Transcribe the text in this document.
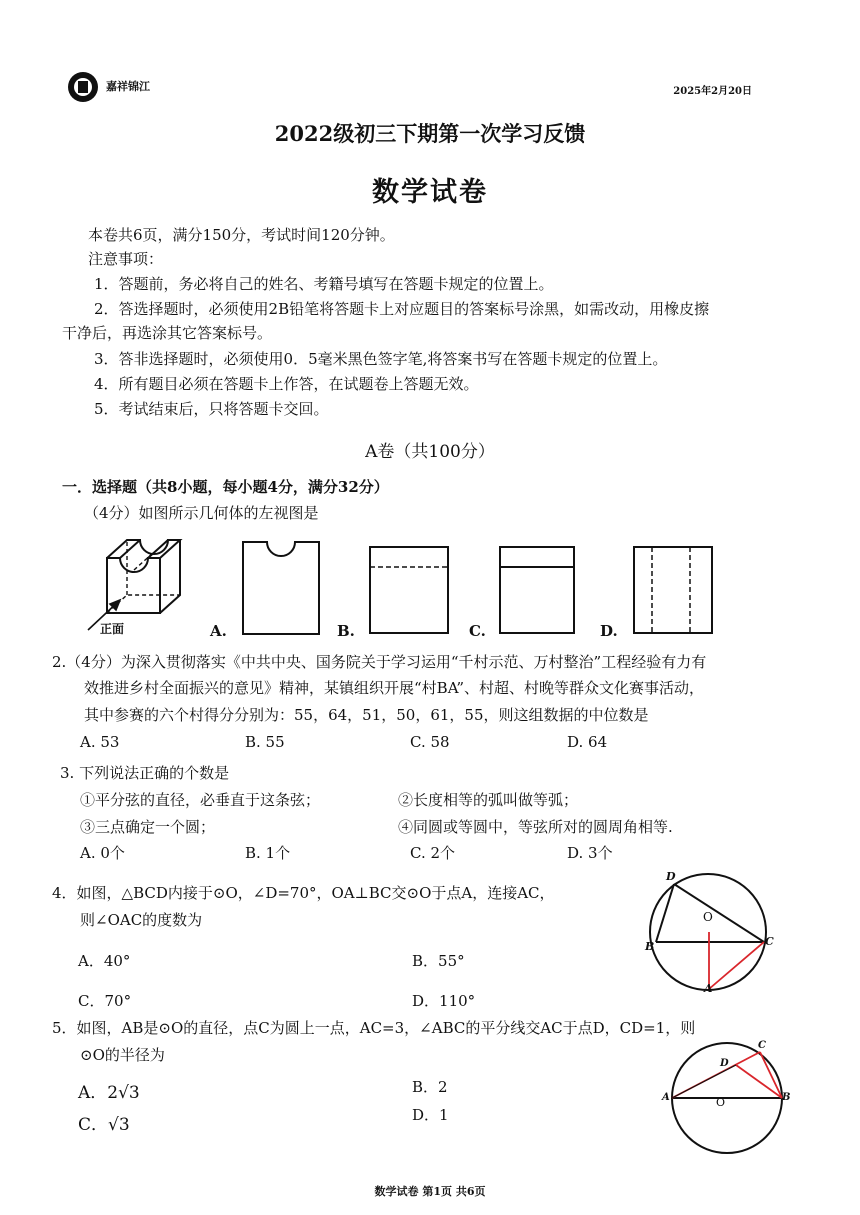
嘉祥锦江	2025年2月20日
2022级初三下期第一次学习反馈
数学试卷
本卷共6页，满分150分，考试时间120分钟。
注意事项：
1．答题前，务必将自己的姓名、考籍号填写在答题卡规定的位置上。
2．答选择题时，必须使用2B铅笔将答题卡上对应题目的答案标号涂黑，如需改动，用橡皮擦
干净后，再选涂其它答案标号。
3．答非选择题时，必须使用0．5毫米黑色签字笔,将答案书写在答题卡规定的位置上。
4．所有题目必须在答题卡上作答，在试题卷上答题无效。
5．考试结束后，只将答题卡交回。
A卷（共100分）
一．选择题（共8小题，每小题4分，满分32分）
（4分）如图所示几何体的左视图是
正面	A.	B.	C.	D.
2.（4分）为深入贯彻落实《中共中央、国务院关于学习运用“千村示范、万村整治”工程经验有力有
效推进乡村全面振兴的意见》精神，某镇组织开展“村BA”、村超、村晚等群众文化赛事活动，
其中参赛的六个村得分分别为：55，64，51，50，61，55，则这组数据的中位数是
A. 53	B. 55	C. 58	D. 64
3. 下列说法正确的个数是
①平分弦的直径，必垂直于这条弦；	②长度相等的弧叫做等弧；
③三点确定一个圆；	④同圆或等圆中，等弦所对的圆周角相等.
A. 0个	B. 1个	C. 2个	D. 3个
4．如图，△BCD内接于⊙O，∠D=70°，OA⊥BC交⊙O于点A，连接AC，
则∠OAC的度数为
A．40°	B．55°
C．70°	D．110°
D
O
B	C
A
5．如图，AB是⊙O的直径，点C为圆上一点，AC=3，∠ABC的平分线交AC于点D，CD=1，则
⊙O的半径为
A．2√3	B．2
C．√3	D．1
C
D
A	B
O
数学试卷 第1页 共6页
